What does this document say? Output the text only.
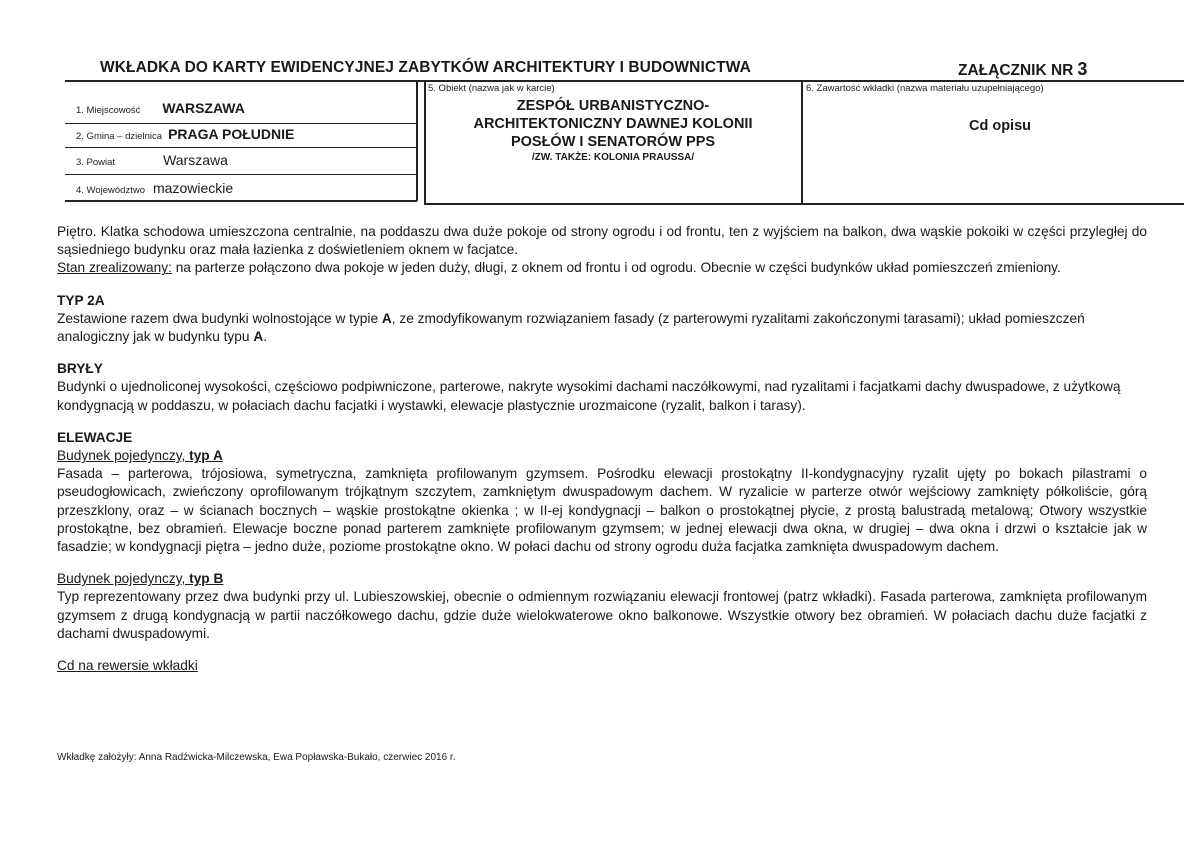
WKŁADKA DO KARTY EWIDENCYJNEJ ZABYTKÓW ARCHITEKTURY I BUDOWNICTWA	ZAŁĄCZNIK NR 3
1. Miejscowość WARSZAWA
2. Gmina – dzielnica PRAGA POŁUDNIE
3. Powiat	Warszawa
4. Województwo mazowieckie
5. Obiekt (nazwa jak w karcie)
ZESPÓŁ URBANISTYCZNO-
ARCHITEKTONICZNY DAWNEJ KOLONII
POSŁÓW I SENATORÓW PPS
/ZW. TAKŻE: KOLONIA PRAUSSA/
6. Zawartość wkładki (nazwa materiału uzupełniającego)
Cd opisu

Piętro. Klatka schodowa umieszczona centralnie, na poddaszu dwa duże pokoje od strony ogrodu i od frontu, ten z wyjściem na balkon, dwa wąskie pokoiki w części przyległej do sąsiedniego budynku oraz mała łazienka z doświetleniem oknem w facjatce.

Stan zrealizowany: na parterze połączono dwa pokoje w jeden duży, długi, z oknem od frontu i od ogrodu. Obecnie w części budynków układ pomieszczeń zmieniony.

TYP 2A

Zestawione razem dwa budynki wolnostojące w typie A, ze zmodyfikowanym rozwiązaniem fasady (z parterowymi ryzalitami zakończonymi tarasami); układ pomieszczeń analogiczny jak w budynku typu A.

BRYŁY

Budynki o ujednoliconej wysokości, częściowo podpiwniczone, parterowe, nakryte wysokimi dachami naczółkowymi, nad ryzalitami i facjatkami dachy dwuspadowe, z użytkową kondygnacją w poddaszu, w połaciach dachu facjatki i wystawki, elewacje plastycznie urozmaicone (ryzalit, balkon i tarasy).

ELEWACJE

Budynek pojedynczy, typ A

Fasada – parterowa, trójosiowa, symetryczna, zamknięta profilowanym gzymsem. Pośrodku elewacji prostokątny II-kondygnacyjny ryzalit ujęty po bokach pilastrami o pseudogłowicach, zwieńczony oprofilowanym trójkątnym szczytem, zamkniętym dwuspadowym dachem. W ryzalicie w parterze otwór wejściowy zamknięty półkoliście, górą przeszklony, oraz – w ścianach bocznych – wąskie prostokątne okienka ; w II-ej kondygnacji – balkon o prostokątnej płycie, z prostą balustradą metalową; Otwory wszystkie prostokątne, bez obramień. Elewacje boczne ponad parterem zamknięte profilowanym gzymsem; w jednej elewacji dwa okna, w drugiej – dwa okna i drzwi o kształcie jak w fasadzie; w kondygnacji piętra – jedno duże, poziome prostokątne okno. W połaci dachu od strony ogrodu duża facjatka zamknięta dwuspadowym dachem.

Budynek pojedynczy, typ B

Typ reprezentowany przez dwa budynki przy ul. Lubieszowskiej, obecnie o odmiennym rozwiązaniu elewacji frontowej (patrz wkładki). Fasada parterowa, zamknięta profilowanym gzymsem z drugą kondygnacją w partii naczółkowego dachu, gdzie duże wielokwaterowe okno balkonowe. Wszystkie otwory bez obramień. W połaciach dachu duże facjatki z dachami dwuspadowymi.

Cd na rewersie wkładki

Wkładkę założyły: Anna Radźwicka-Milczewska, Ewa Popławska-Bukało, czerwiec 2016 r.
